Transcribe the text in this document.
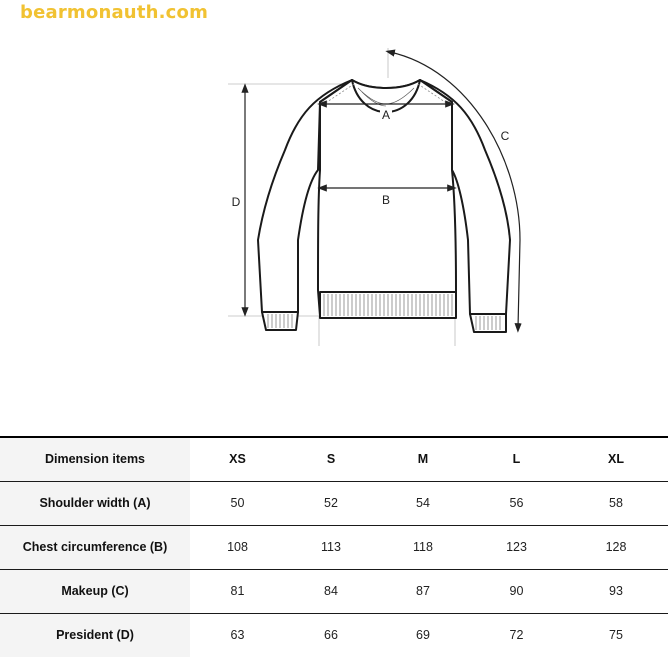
bearmonauth.com
A
B
C
D
Dimension items	XS	S	M	L	XL
Shoulder width (A)	50	52	54	56	58
Chest circumference (B)	108	113	118	123	128
Makeup (C)	81	84	87	90	93
President (D)	63	66	69	72	75
